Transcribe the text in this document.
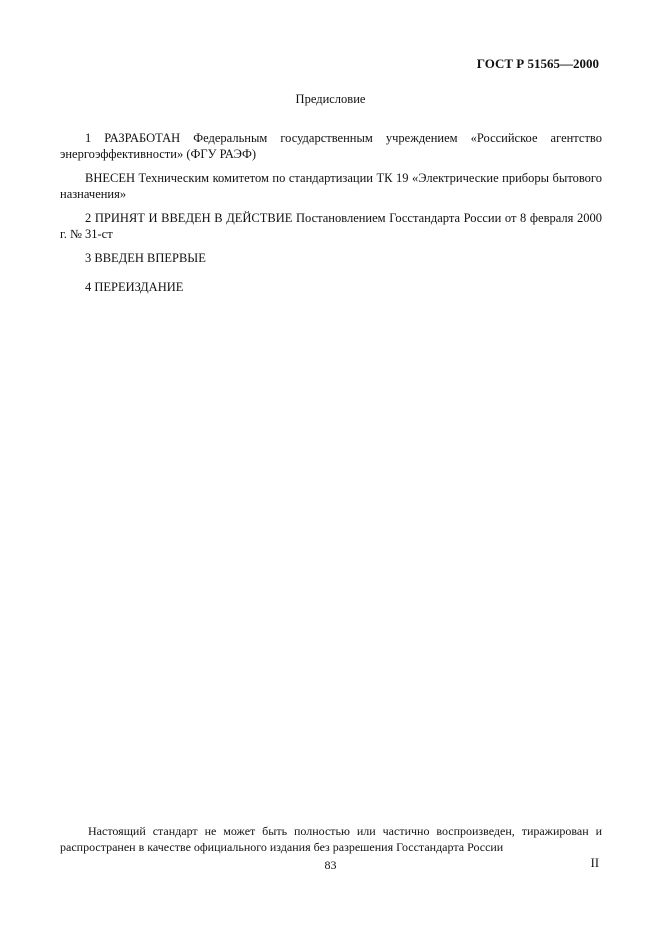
ГОСТ Р 51565—2000
Предисловие

1 РАЗРАБОТАН Федеральным государственным учреждением «Российское агентство энергоэффективности» (ФГУ РАЭФ)

ВНЕСЕН Техническим комитетом по стандартизации ТК 19 «Электрические приборы бытового назначения»

2 ПРИНЯТ И ВВЕДЕН В ДЕЙСТВИЕ Постановлением Госстандарта России от 8 февраля 2000 г. № 31-ст

3 ВВЕДЕН ВПЕРВЫЕ

4 ПЕРЕИЗДАНИЕ

Настоящий стандарт не может быть полностью или частично воспроизведен, тиражирован и распространен в качестве официального издания без разрешения Госстандарта России

83	II
